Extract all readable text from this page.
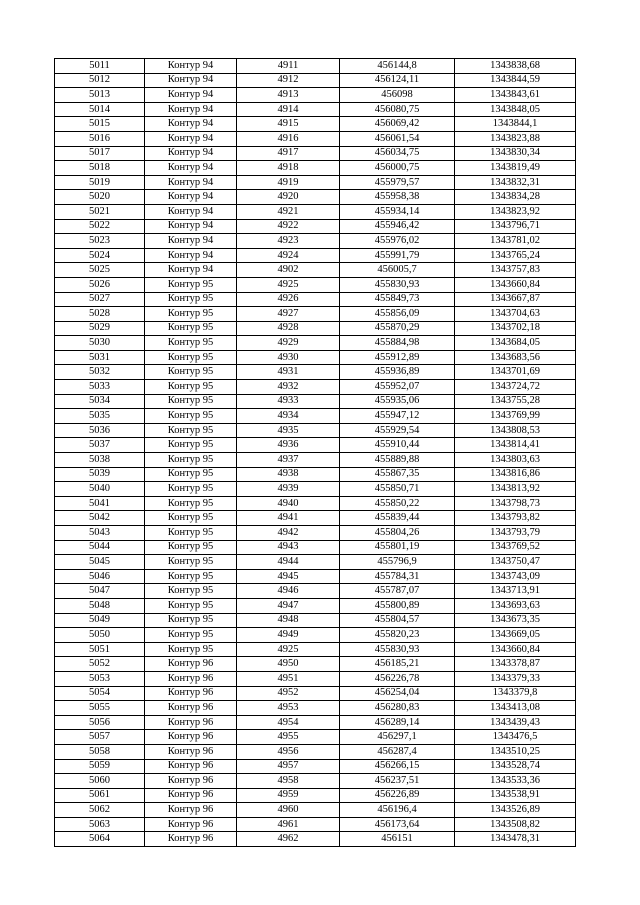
5011	Контур 94	4911	456144,8	1343838,68
5012	Контур 94	4912	456124,11	1343844,59
5013	Контур 94	4913	456098	1343843,61
5014	Контур 94	4914	456080,75	1343848,05
5015	Контур 94	4915	456069,42	1343844,1
5016	Контур 94	4916	456061,54	1343823,88
5017	Контур 94	4917	456034,75	1343830,34
5018	Контур 94	4918	456000,75	1343819,49
5019	Контур 94	4919	455979,57	1343832,31
5020	Контур 94	4920	455958,38	1343834,28
5021	Контур 94	4921	455934,14	1343823,92
5022	Контур 94	4922	455946,42	1343796,71
5023	Контур 94	4923	455976,02	1343781,02
5024	Контур 94	4924	455991,79	1343765,24
5025	Контур 94	4902	456005,7	1343757,83
5026	Контур 95	4925	455830,93	1343660,84
5027	Контур 95	4926	455849,73	1343667,87
5028	Контур 95	4927	455856,09	1343704,63
5029	Контур 95	4928	455870,29	1343702,18
5030	Контур 95	4929	455884,98	1343684,05
5031	Контур 95	4930	455912,89	1343683,56
5032	Контур 95	4931	455936,89	1343701,69
5033	Контур 95	4932	455952,07	1343724,72
5034	Контур 95	4933	455935,06	1343755,28
5035	Контур 95	4934	455947,12	1343769,99
5036	Контур 95	4935	455929,54	1343808,53
5037	Контур 95	4936	455910,44	1343814,41
5038	Контур 95	4937	455889,88	1343803,63
5039	Контур 95	4938	455867,35	1343816,86
5040	Контур 95	4939	455850,71	1343813,92
5041	Контур 95	4940	455850,22	1343798,73
5042	Контур 95	4941	455839,44	1343793,82
5043	Контур 95	4942	455804,26	1343793,79
5044	Контур 95	4943	455801,19	1343769,52
5045	Контур 95	4944	455796,9	1343750,47
5046	Контур 95	4945	455784,31	1343743,09
5047	Контур 95	4946	455787,07	1343713,91
5048	Контур 95	4947	455800,89	1343693,63
5049	Контур 95	4948	455804,57	1343673,35
5050	Контур 95	4949	455820,23	1343669,05
5051	Контур 95	4925	455830,93	1343660,84
5052	Контур 96	4950	456185,21	1343378,87
5053	Контур 96	4951	456226,78	1343379,33
5054	Контур 96	4952	456254,04	1343379,8
5055	Контур 96	4953	456280,83	1343413,08
5056	Контур 96	4954	456289,14	1343439,43
5057	Контур 96	4955	456297,1	1343476,5
5058	Контур 96	4956	456287,4	1343510,25
5059	Контур 96	4957	456266,15	1343528,74
5060	Контур 96	4958	456237,51	1343533,36
5061	Контур 96	4959	456226,89	1343538,91
5062	Контур 96	4960	456196,4	1343526,89
5063	Контур 96	4961	456173,64	1343508,82
5064	Контур 96	4962	456151	1343478,31
